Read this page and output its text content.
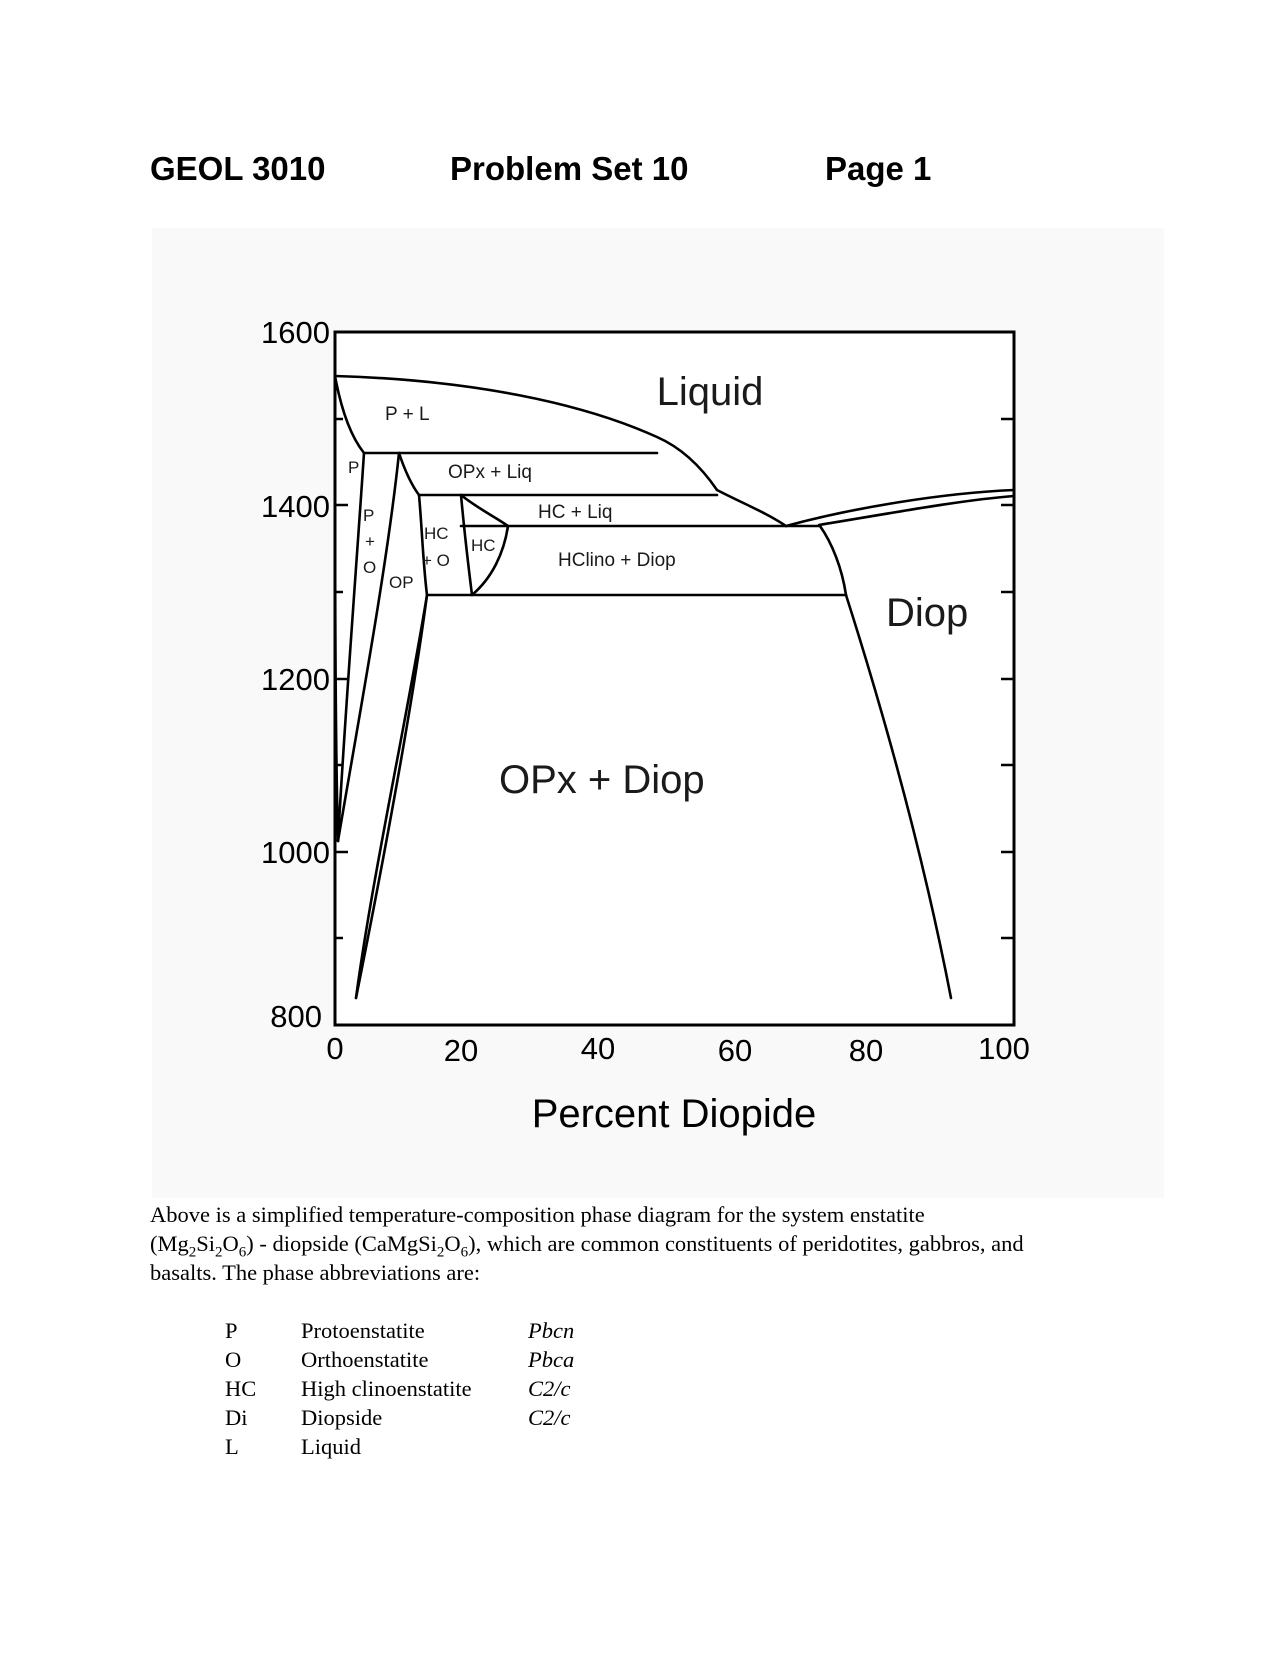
GEOL 3010	Problem Set 10	Page 1
1600
1400
1200
1000
800
0	20	40	60	80	100
Percent Diopide
Liquid
P + L
P
P
+
O
OP
OPx + Liq
HC + Liq
HC
+ O
HC
HClino + Diop
Diop
OPx + Diop
Above is a simplified temperature-composition phase diagram for the system enstatite
$(Mg_2Si_2O_6)$ - diopside $(CaMgSi_2O_6)$, which are common constituents of peridotites, gabbros, and
basalts. The phase abbreviations are:
P	Protoenstatite	Pbcn
O	Orthoenstatite	Pbca
HC High clinoenstatite	C2/c
Di Diopside	C2/c
L	Liquid
